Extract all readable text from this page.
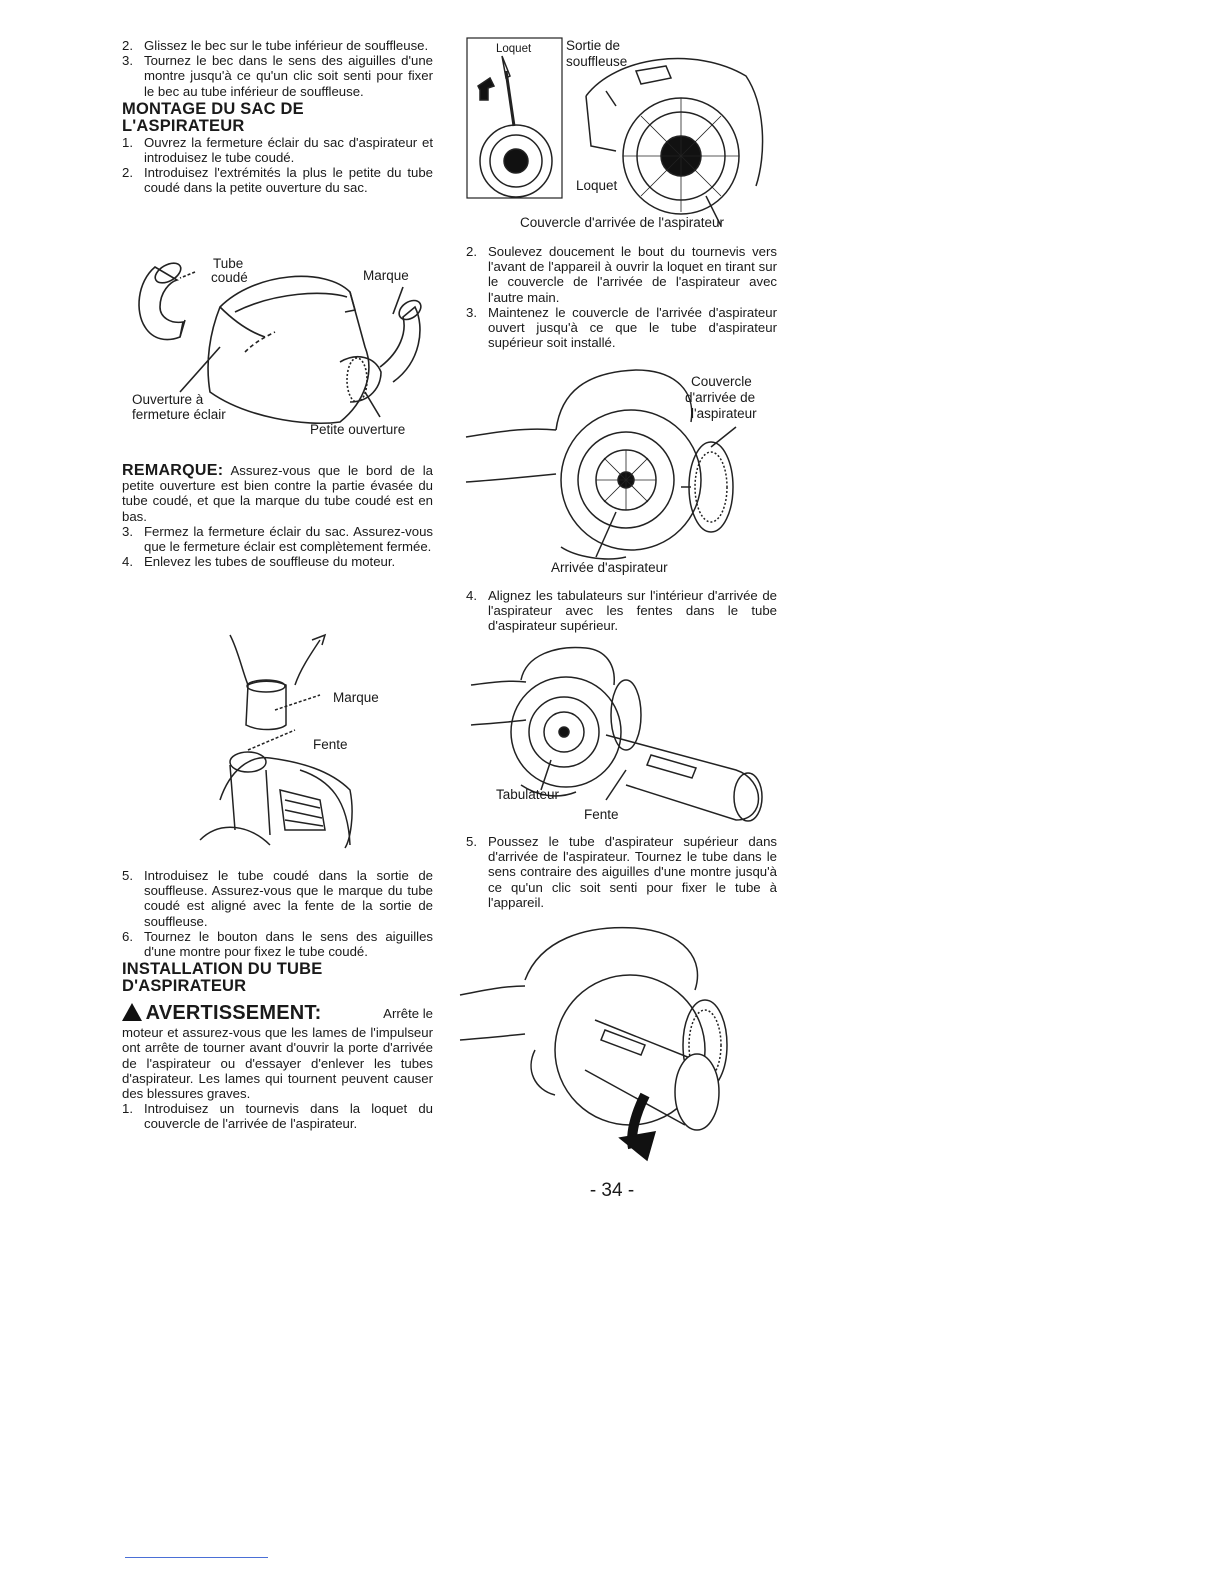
2. Glissez le bec sur le tube inférieur de souffleuse.
3. Tournez le bec dans le sens des aiguilles d'une montre jusqu'à ce qu'un clic soit senti pour fixer le bec au tube inférieur de souffleuse.
MONTAGE DU SAC DE L'ASPIRATEUR
1. Ouvrez la fermeture éclair du sac d'aspirateur et introduisez le tube coudé.
2. Introduisez l'extrémités la plus le petite du tube coudé dans la petite ouverture du sac.
Tube
coudé	Marque
Ouverture à
fermeture éclair
Petite ouverture
REMARQUE: Assurez-vous que le bord de la petite ouverture est bien contre la partie évasée du tube coudé, et que la marque du tube coudé est en bas.
3. Fermez la fermeture éclair du sac. Assurez-vous que le fermeture éclair est complètement fermée.
4. Enlevez les tubes de souffleuse du moteur.
Marque
Fente
5. Introduisez le tube coudé dans la sortie de souffleuse. Assurez-vous que le marque du tube coudé est aligné avec la fente de la sortie de souffleuse.
6. Tournez le bouton dans le sens des aiguilles d'une montre pour fixez le tube coudé.
INSTALLATION DU TUBE D'ASPIRATEUR
AVERTISSEMENT:	Arrête le
moteur et assurez-vous que les lames de l'impulseur ont arrête de tourner avant d'ouvrir la porte d'arrivée de l'aspirateur ou d'essayer d'enlever les tubes d'aspirateur. Les lames qui tournent peuvent causer des blessures graves.
1. Introduisez un tournevis dans la loquet du couvercle de l'arrivée de l'aspirateur.
Loquet	Sortie de
souffleuse
Loquet
Couvercle d'arrivée de l'aspirateur
2. Soulevez doucement le bout du tournevis vers l'avant de l'appareil à ouvrir la loquet en tirant sur le couvercle de l'arrivée de l'aspirateur avec l'autre main.
3. Maintenez le couvercle de l'arrivée d'aspirateur ouvert jusqu'à ce que le tube d'aspirateur supérieur soit installé.
Couvercle
d'arrivée de
l'aspirateur
Arrivée d'aspirateur
4. Alignez les tabulateurs sur l'intérieur d'arrivée de l'aspirateur avec les fentes dans le tube d'aspirateur supérieur.
Tabulateur
Fente
5. Poussez le tube d'aspirateur supérieur dans d'arrivée de l'aspirateur. Tournez le tube dans le sens contraire des aiguilles d'une montre jusqu'à ce qu'un clic soit senti pour fixer le tube à l'appareil.
- 34 -
